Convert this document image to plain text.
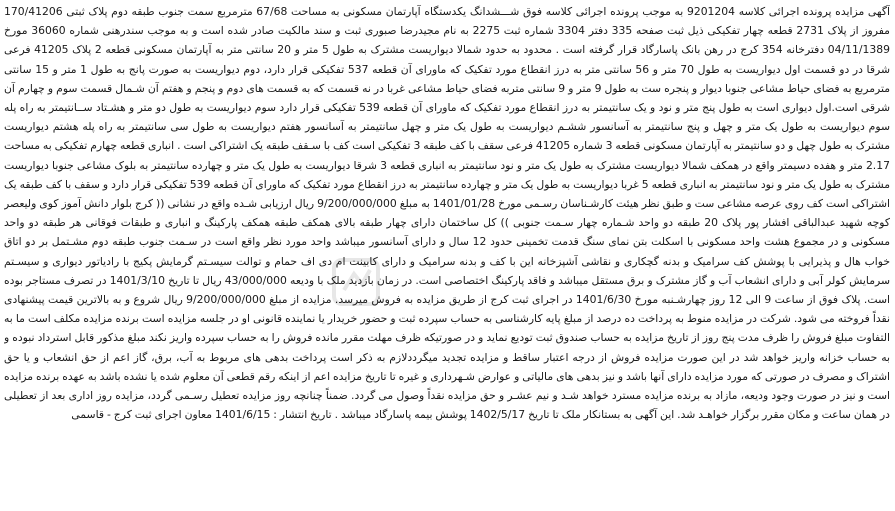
آگهی مزایده پرونده اجرائی کلاسه 9201204 به موجب پرونده اجرائی کلاسه فوق شـــشدانگ یکدستگاه آپارتمان مسکونی به مساحت 67/68 مترمربع سمت جنوب طبقه دوم پلاک ثبتی 170/41206 مفروز از پلاک 2731 قطعه چهار تفکیکی ذیل ثبت صفحه 335 دفتر 3304 شماره ثبت 2275 به نام مجیدرضا صبوری ثبت و سند مالکیت صادر شده است و به موجب سندرهنی شماره 36060 مورخ 04/11/1389 دفترخانه 354 کرج در رهن بانک پاسارگاد قرار گرفته است . محدود به حدود شمالا دیواریست مشترک به طول 5 متر و 20 سانتی متر به آپارتمان مسکونی قطعه 2 پلاک 41205 فرعی شرقا در دو قسمت اول دیواریست به طول 70 متر و 56 سانتی متر به درز انقطاع مورد تفکیک که ماورای آن قطعه 537 تفکیکی قرار دارد، دوم دیواریست به صورت پانج به طول 1 متر و 15 سانتی مترمربع به فضای حیاط مشاعی جنوبا دیوار و پنجره ست به طول 9 متر و 9 سانتی متربه فضای حیاط مشاعی غربا در نه قسمت که به قسمت های دوم و پنجم و هفتم آن شـمال قسمت سوم و چهارم آن شرقی است.اول دیواری است به طول پنج متر و نود و یک سانتیمتر به درز انقطاع مورد تفکیک که ماورای آن قطعه 539 تفکیکی قرار دارد سوم دیواریست به طول دو متر و هشـتاد ســانتیمتر به راه پله سوم دیواریست به طول یک متر و چهل و پنج سانتیمتر به آسانسور ششـم دیواریست به طول یک متر و چهل سانتیمتر به آسانسور هفتم دیواریست به طول سی سانتیمتر به راه پله هشتم دیواریست مشترک به طول چهل و دو سانتیمتر به آپارتمان مسکونی قطعه 3 شماره 41205 فرعی سقف با کف طبقه 3 تفکیکی است کف با سـقف طبقه یک اشتراکی است . انباری قطعه چهارم تفکیکی به مساحت 2.17 متر و هفده دسیمتر واقع در همکف شمالا دیواریست مشترک به طول یک متر و نود سانتیمتر به انباری قطعه 3 شرقا دیواریست به طول یک متر و چهارده سانتیمتر به بلوک مشاعی جنوبا دیواریست مشترک به طول یک متر و نود سانتیمتر به انباری قطعه 5 غربا دیواریست به طول یک متر و چهارده سانتیمتر به درز انقطاع مورد تفکیک که ماورای آن قطعه 539 تفکیکی قرار دارد و سقف با کف طبقه یک اشتراکی است کف روی عرصه مشاعی ست و طبق نظر هیئت کارشـناسان رسـمی مورخ 1401/01/28 به مبلغ 9/200/000/000 ریال ارزیابی شـده واقع در نشانی (( کرج بلوار دانش آموز کوی ولیعصر کوچه شهید عبدالباقی افشار پور پلاک 20 طبقه دو واحد شـماره چهار سـمت جنوبی )) کل ساختمان دارای چهار طبقه بالای همکف طبقه همکف پارکینگ و انباری و طبقات فوقانی هر طبقه دو واحد مسکونی و در مجموع هشت واحد مسکونی با اسکلت بتن نمای سنگ قدمت تخمینی حدود 12 سال و دارای آسانسور میباشد واحد مورد نظر واقع است در سـمت جنوب طبقه دوم مشـتمل بر دو اتاق خواب هال و پذیرایی با پوشش کف سرامیک و بدنه گچکاری و نقاشی آشپزخانه این با کف و بدنه سرامیک و دارای کابینت ام دی اف حمام و توالت سیسـتم گرمایش پکیج با رادیاتور دیواری و سیسـتم سرمایش کولر آبی و دارای انشعاب آب و گاز مشترک و برق مستقل میباشد و فاقد پارکینگ اختصاصی است. در زمان بازدید ملک با ودیعه 43/000/000 ریال تا تاریخ 1401/3/10 در تصرف مستاجر بوده است. پلاک فوق از ساعت 9 الی 12 روز چهارشـنبه مورخ 1401/6/30 در اجرای ثبت کرج از طریق مزایده به فروش میرسد. مزایده از مبلغ 9/200/000/000 ریال شروع و به بالاترین قیمت پیشنهادی نقداً فروخته می شود. شرکت در مزایده منوط به پرداخت ده درصد از مبلغ پایه کارشناسی به حساب سپرده ثبت و حضور خریدار یا نماینده قانونی او در جلسه مزایده است برنده مزایده مکلف است ما به التفاوت مبلغ فروش را ظرف مدت پنج روز از تاریخ مزایده به حساب صندوق ثبت تودیع نماید و در صورتیکه ظرف مهلت مقرر مانده فروش را به حساب سپرده واریز نکند مبلغ مذکور قابل استرداد نبوده و به حساب خزانه واریز خواهد شد در این صورت مزایده فروش از درجه اعتبار ساقط و مزایده تجدید میگرددلازم به ذکر است پرداخت بدهی های مربوط به آب، برق، گاز اعم از حق انشعاب و یا حق اشتراک و مصرف در صورتی که مورد مزایده دارای آنها باشد و نیز بدهی های مالیاتی و عوارض شـهرداری و غیره تا تاریخ مزایده اعم از اینکه رقم قطعی آن معلوم شده یا نشده باشد به عهده برنده مزایده است و نیز در صورت وجود ودیعه، مازاد به برنده مزایده مسترد خواهد شـد و نیم عشـر و حق مزایده نقداً وصول می گردد. ضمناً چنانچه روز مزایده تعطیل رسـمی گردد، مزایده روز اداری بعد از تعطیلی در همان ساعت و مکان مقرر برگزار خواهـد شد. این آگهی به بستانکار ملک تا تاریخ 1402/5/17 پوشش بیمه پاسارگاد میباشد . تاریخ انتشار : 1401/6/15 معاون اجرای ثبت کرج - قاسمی
